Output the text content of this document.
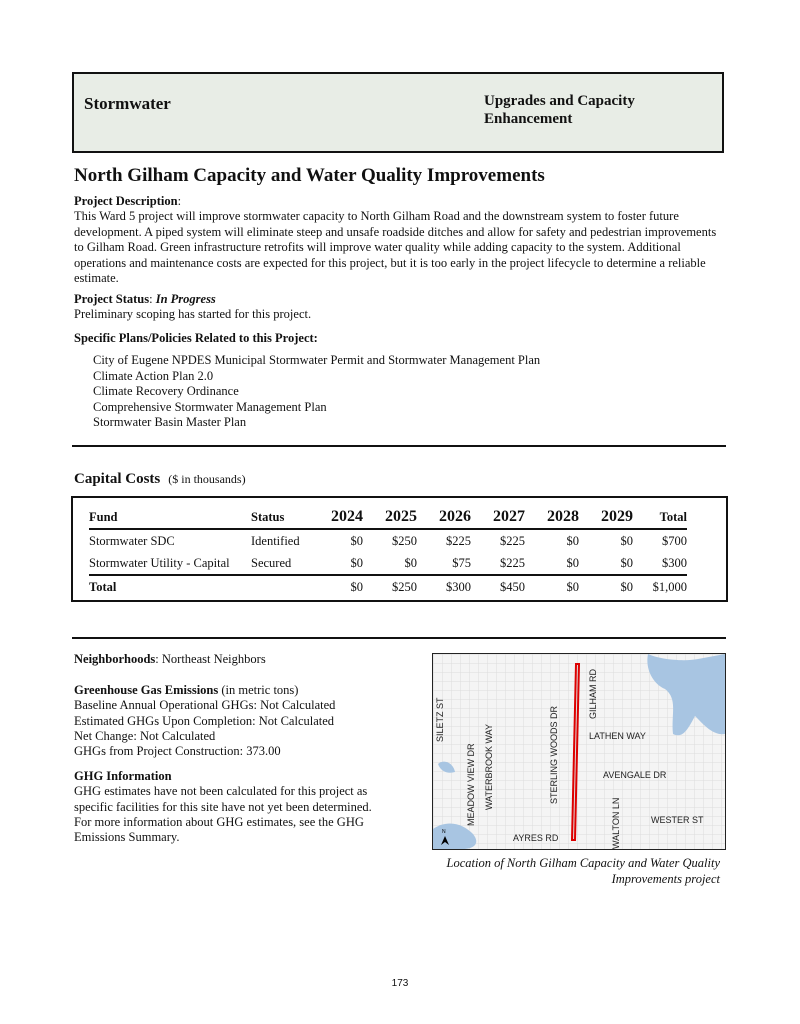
Stormwater	Upgrades and Capacity Enhancement
North Gilham Capacity and Water Quality Improvements
Project Description:
This Ward 5 project will improve stormwater capacity to North Gilham Road and the downstream system to foster future development. A piped system will eliminate steep and unsafe roadside ditches and allow for safety and pedestrian improvements to Gilham Road. Green infrastructure retrofits will improve water quality while adding capacity to the system. Additional operations and maintenance costs are expected for this project, but it is too early in the project lifecycle to determine a reliable estimate.
Project Status: In Progress
Preliminary scoping has started for this project.
Specific Plans/Policies Related to this Project:
City of Eugene NPDES Municipal Stormwater Permit and Stormwater Management Plan
Climate Action Plan 2.0
Climate Recovery Ordinance
Comprehensive Stormwater Management Plan
Stormwater Basin Master Plan
Capital Costs ($ in thousands)
Fund	Status	2024	2025	2026	2027	2028	2029	Total
Stormwater SDC	Identified	$0	$250	$225	$225	$0	$0	$700
Stormwater Utility - Capital	Secured	$0	$0	$75	$225	$0	$0	$300
Total		$0	$250	$300	$450	$0	$0	$1,000

Neighborhoods: Northeast Neighbors

Greenhouse Gas Emissions (in metric tons)
Baseline Annual Operational GHGs: Not Calculated
Estimated GHGs Upon Completion: Not Calculated
Net Change: Not Calculated
GHGs from Project Construction: 373.00

GHG Information
GHG estimates have not been calculated for this project as specific facilities for this site have not yet been determined. For more information about GHG estimates, see the GHG Emissions Summary.

SILETZ ST
MEADOW VIEW DR WATERBROOK WAY	STERLING WOODS DR
GILHAM RD
LATHEN WAY
AVENGALE DR
WALTON LN	WESTER ST
AYRES RD
N
Location of North Gilham Capacity and Water Quality Improvements project
173
